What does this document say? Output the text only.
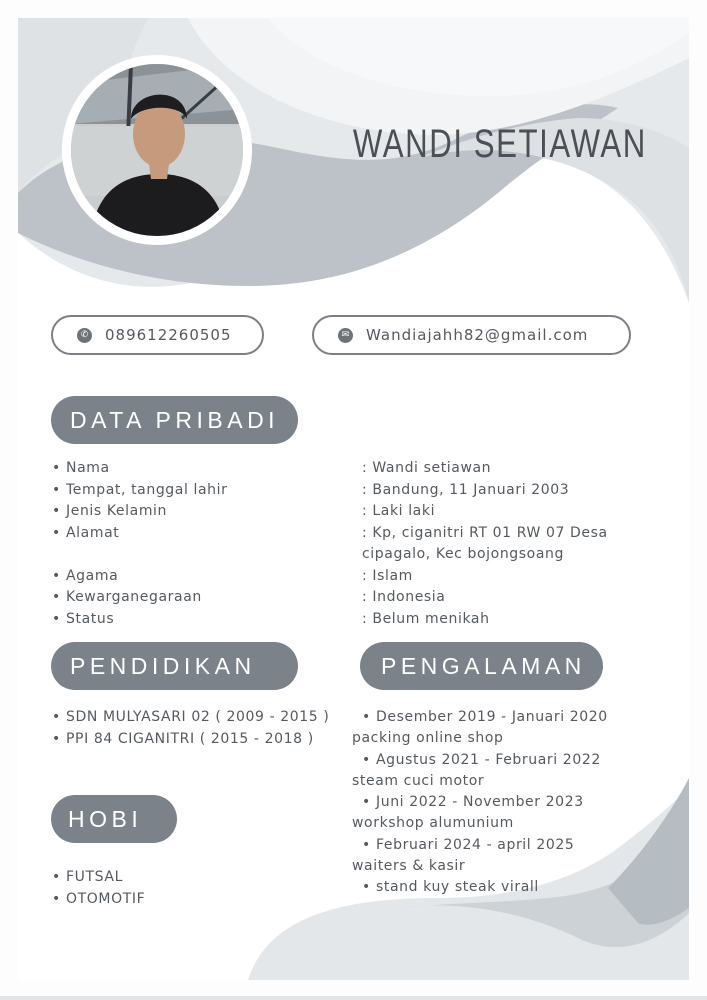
WANDI SETIAWAN
✆ 089612260505	✉ Wandiajahh82@gmail.com
DATA PRIBADI
• Nama
• Tempat, tanggal lahir
• Jenis Kelamin
• Alamat

• Agama
• Kewarganegaraan
• Status
: Wandi setiawan
: Bandung, 11 Januari 2003
: Laki laki
: Kp, ciganitri RT 01 RW 07 Desa
cipagalo, Kec bojongsoang
: Islam
: Indonesia
: Belum menikah
PENDIDIKAN	PENGALAMAN
• SDN MULYASARI 02 ( 2009 - 2015 )
• PPI 84 CIGANITRI ( 2015 - 2018 )
HOBI
• FUTSAL
• OTOMOTIF
• Desember 2019 - Januari 2020
packing online shop
• Agustus 2021 - Februari 2022
steam cuci motor
• Juni 2022 - November 2023
workshop alumunium
• Februari 2024 - april 2025
waiters & kasir
• stand kuy steak virall
